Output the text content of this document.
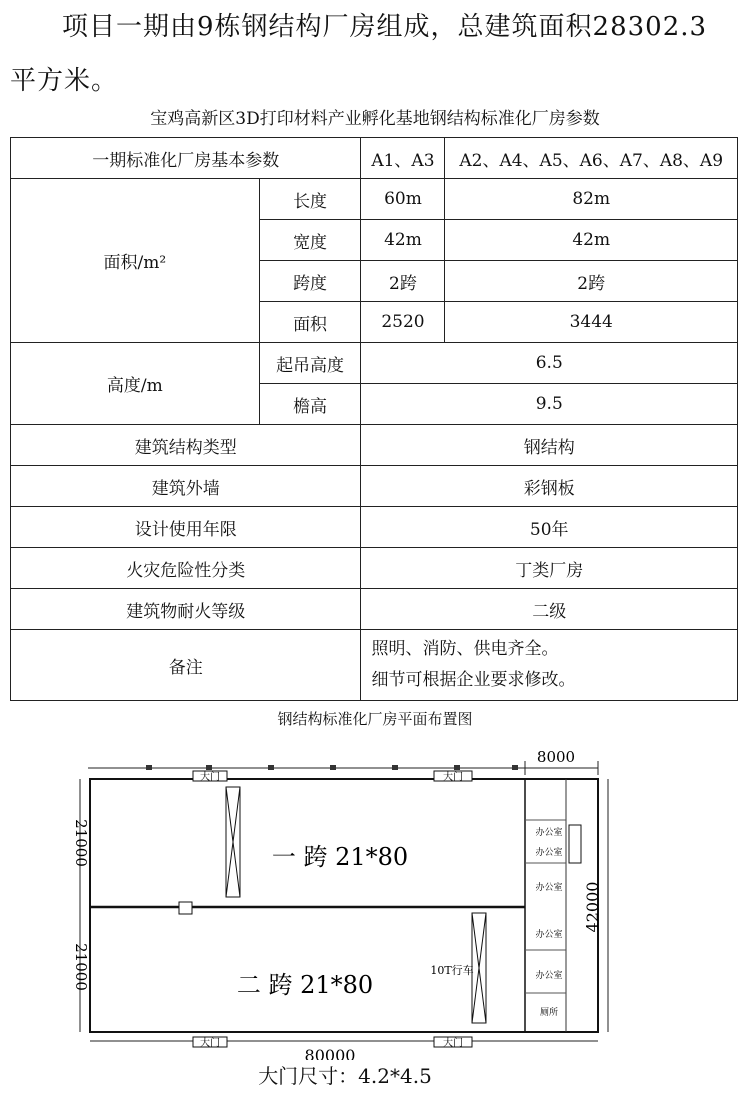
项目一期由9栋钢结构厂房组成，总建筑面积28302.3

平方米。
宝鸡高新区3D打印材料产业孵化基地钢结构标准化厂房参数
一期标准化厂房基本参数		A1、A3	A2、A4、A5、A6、A7、A8、A9
面积/m²	长度	60m	82m
	宽度	42m	42m
	跨度	2跨	2跨
	面积	2520	3444
高度/m	起吊高度	6.5	
	檐高	9.5	
建筑结构类型		钢结构	
建筑外墙		彩钢板	
设计使用年限		50年	
火灾危险性分类		丁类厂房	
建筑物耐火等级		二级	
备注		照明、消防、供电齐全。
细节可根据企业要求修改。	
钢结构标准化厂房平面布置图
8000
21000
21000
42000
80000
大门	大门
大门	大门
10T行车
一 跨 21*80
二 跨 21*80
办公室
办公室
办公室
办公室
办公室
厕所
大门尺寸：4.2*4.5
